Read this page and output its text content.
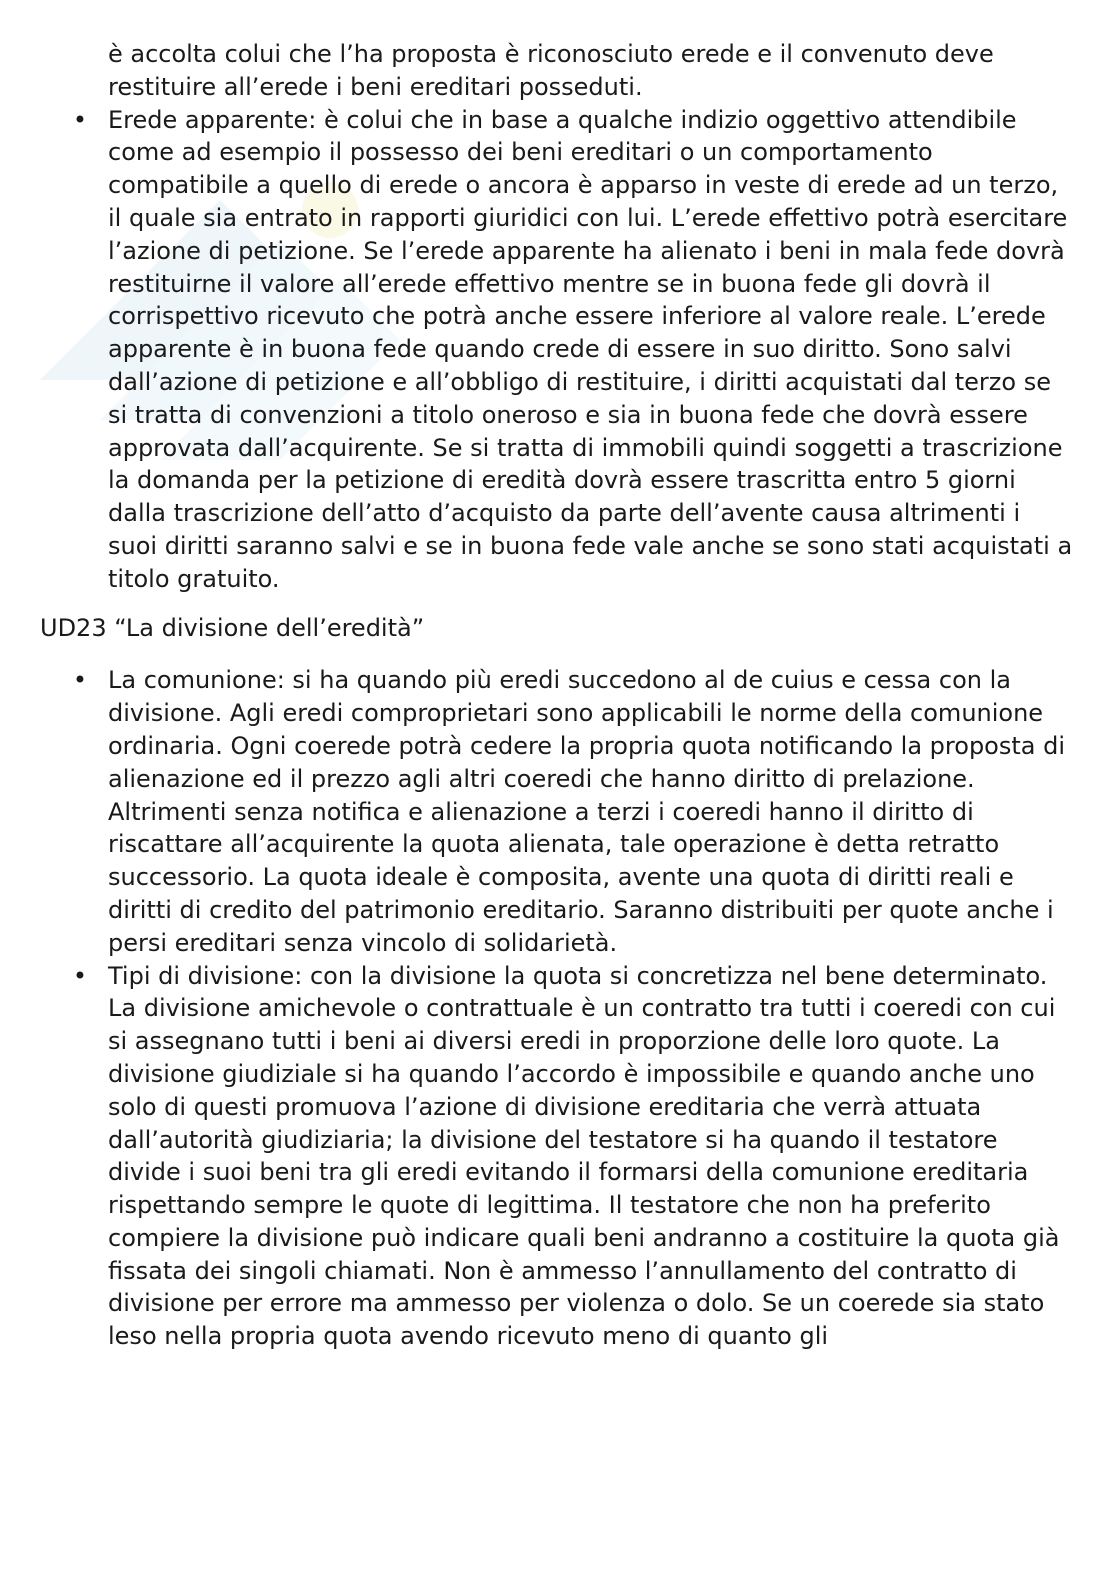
è accolta colui che l’ha proposta è riconosciuto erede e il convenuto deve restituire all’erede i beni ereditari posseduti.
• Erede apparente: è colui che in base a qualche indizio oggettivo attendibile come ad esempio il possesso dei beni ereditari o un comportamento compatibile a quello di erede o ancora è apparso in veste di erede ad un terzo, il quale sia entrato in rapporti giuridici con lui. L’erede effettivo potrà esercitare l’azione di petizione. Se l’erede apparente ha alienato i beni in mala fede dovrà restituirne il valore all’erede effettivo mentre se in buona fede gli dovrà il corrispettivo ricevuto che potrà anche essere inferiore al valore reale. L’erede apparente è in buona fede quando crede di essere in suo diritto. Sono salvi dall’azione di petizione e all’obbligo di restituire, i diritti acquistati dal terzo se si tratta di convenzioni a titolo oneroso e sia in buona fede che dovrà essere approvata dall’acquirente. Se si tratta di immobili quindi soggetti a trascrizione la domanda per la petizione di eredità dovrà essere trascritta entro 5 giorni dalla trascrizione dell’atto d’acquisto da parte dell’avente causa altrimenti i suoi diritti saranno salvi e se in buona fede vale anche se sono stati acquistati a titolo gratuito.
UD23 “La divisione dell’eredità”
• La comunione: si ha quando più eredi succedono al de cuius e cessa con la divisione. Agli eredi comproprietari sono applicabili le norme della comunione ordinaria. Ogni coerede potrà cedere la propria quota notificando la proposta di alienazione ed il prezzo agli altri coeredi che hanno diritto di prelazione. Altrimenti senza notifica e alienazione a terzi i coeredi hanno il diritto di riscattare all’acquirente la quota alienata, tale operazione è detta retratto successorio. La quota ideale è composita, avente una quota di diritti reali e diritti di credito del patrimonio ereditario. Saranno distribuiti per quote anche i persi ereditari senza vincolo di solidarietà.
• Tipi di divisione: con la divisione la quota si concretizza nel bene determinato. La divisione amichevole o contrattuale è un contratto tra tutti i coeredi con cui si assegnano tutti i beni ai diversi eredi in proporzione delle loro quote. La divisione giudiziale si ha quando l’accordo è impossibile e quando anche uno solo di questi promuova l’azione di divisione ereditaria che verrà attuata dall’autorità giudiziaria; la divisione del testatore si ha quando il testatore divide i suoi beni tra gli eredi evitando il formarsi della comunione ereditaria rispettando sempre le quote di legittima. Il testatore che non ha preferito compiere la divisione può indicare quali beni andranno a costituire la quota già fissata dei singoli chiamati. Non è ammesso l’annullamento del contratto di divisione per errore ma ammesso per violenza o dolo. Se un coerede sia stato leso nella propria quota avendo ricevuto meno di quanto gli
